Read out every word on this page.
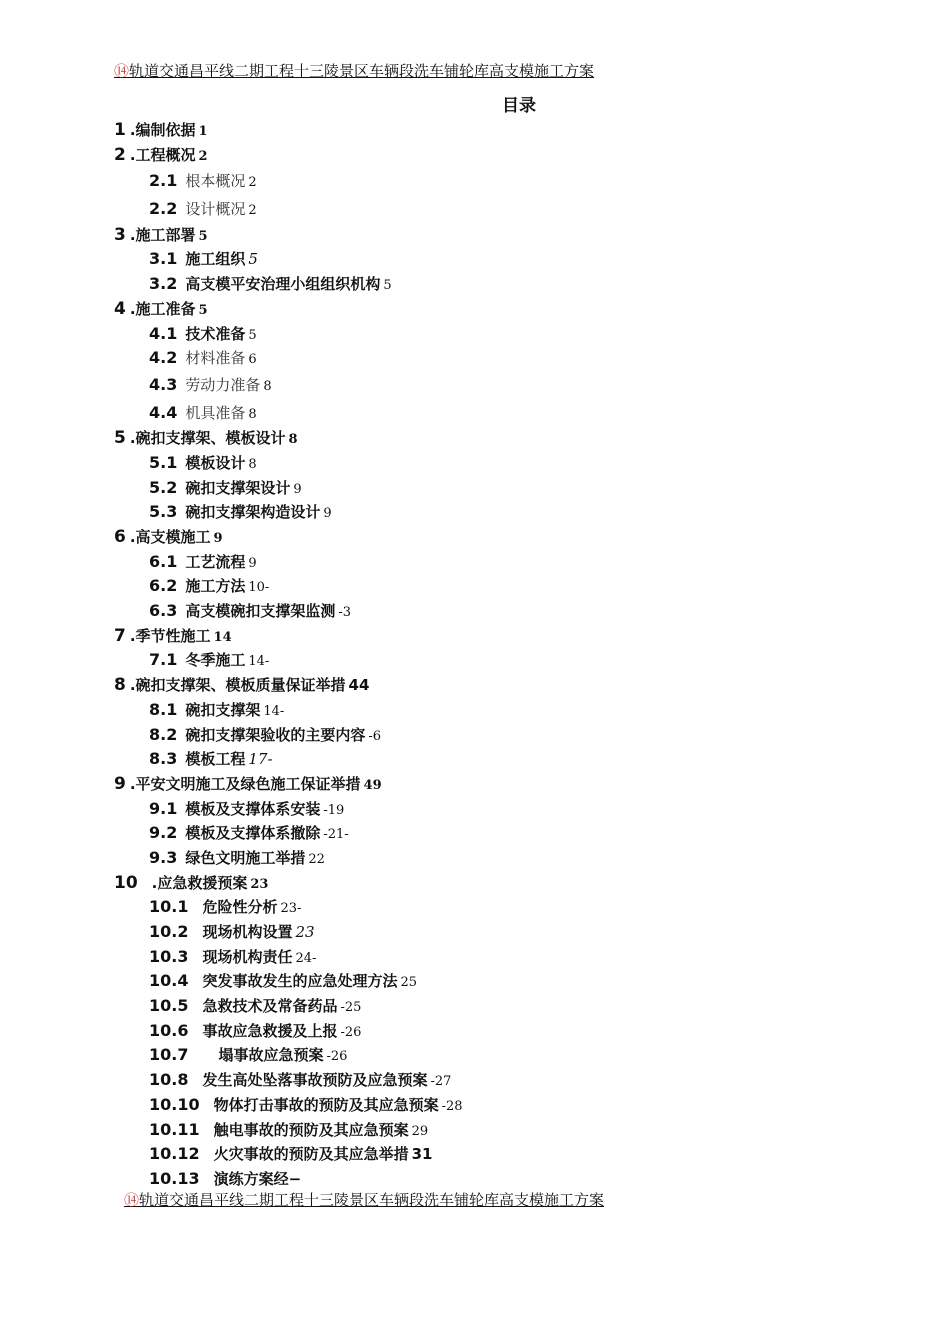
⑭轨道交通昌平线二期工程十三陵景区车辆段洗车铺轮库高支模施工方案
目录
1 .编制依据 1
2 .工程概况 2
2.1 根本概况 2
2.2 设计概况 2
3 .施工部署 5
3.1 施工组织 5
3.2 高支模平安治理小组组织机构 5
4 .施工准备 5
4.1 技术准备 5
4.2 材料准备 6
4.3 劳动力准备 8
4.4 机具准备 8
5 .碗扣支撑架、模板设计 8
5.1 模板设计 8
5.2 碗扣支撑架设计 9
5.3 碗扣支撑架构造设计 9
6 .高支模施工 9
6.1 工艺流程 9
6.2 施工方法 10-
6.3 高支模碗扣支撑架监测 -3
7 .季节性施工 14
7.1 冬季施工 14-
8 .碗扣支撑架、模板质量保证举措 44
8.1 碗扣支撑架 14-
8.2 碗扣支撑架验收的主要内容 -6
8.3 模板工程 17-
9 .平安文明施工及绿色施工保证举措 49
9.1 模板及支撑体系安装 -19
9.2 模板及支撑体系撤除 -21-
9.3 绿色文明施工举措 22
10 .应急救援预案 23
10.1 危险性分析 23-
10.2 现场机构设置 23
10.3 现场机构责任 24-
10.4 突发事故发生的应急处理方法 25
10.5 急救技术及常备药品 -25
10.6 事故应急救援及上报 -26
10.7 塌事故应急预案 -26
10.8 发生高处坠落事故预防及应急预案 -27
10.10 物体打击事故的预防及其应急预案 -28
10.11 触电事故的预防及其应急预案 29
10.12 火灾事故的预防及其应急举措 31
10.13 演练方案经−
⑭轨道交通昌平线二期工程十三陵景区车辆段洗车铺轮库高支模施工方案
